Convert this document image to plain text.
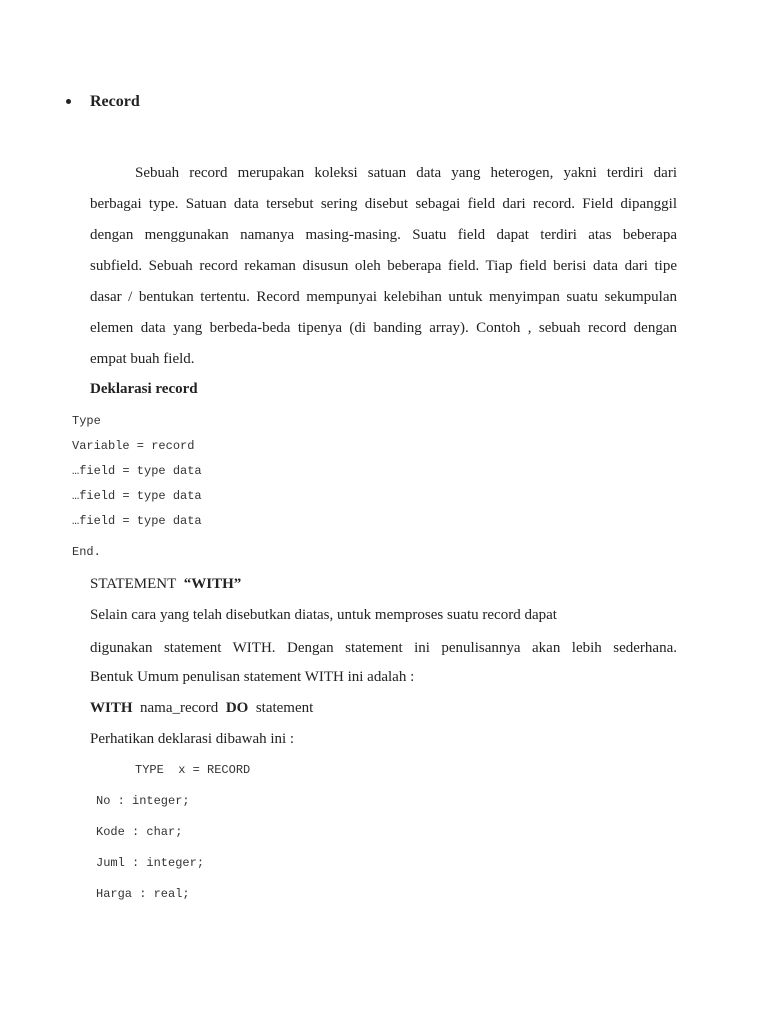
Record
Sebuah record merupakan koleksi satuan data yang heterogen, yakni terdiri dari
berbagai type. Satuan data tersebut sering disebut sebagai field dari record. Field dipanggil
dengan menggunakan namanya masing-masing. Suatu field dapat terdiri atas beberapa
subfield. Sebuah record rekaman disusun oleh beberapa field. Tiap field berisi data dari tipe
dasar / bentukan tertentu. Record mempunyai kelebihan untuk menyimpan suatu sekumpulan
elemen data yang berbeda-beda tipenya (di banding array). Contoh , sebuah record dengan
empat buah field.
Deklarasi record
Type
Variable = record
…field = type data
…field = type data
…field = type data
End.
STATEMENT “WITH”
Selain cara yang telah disebutkan diatas, untuk memproses suatu record dapat
digunakan statement WITH. Dengan statement ini penulisannya akan lebih sederhana.
Bentuk Umum penulisan statement WITH ini adalah :
WITH nama_record DO statement
Perhatikan deklarasi dibawah ini :
TYPE  x = RECORD
No : integer;
Kode : char;
Juml : integer;
Harga : real;
